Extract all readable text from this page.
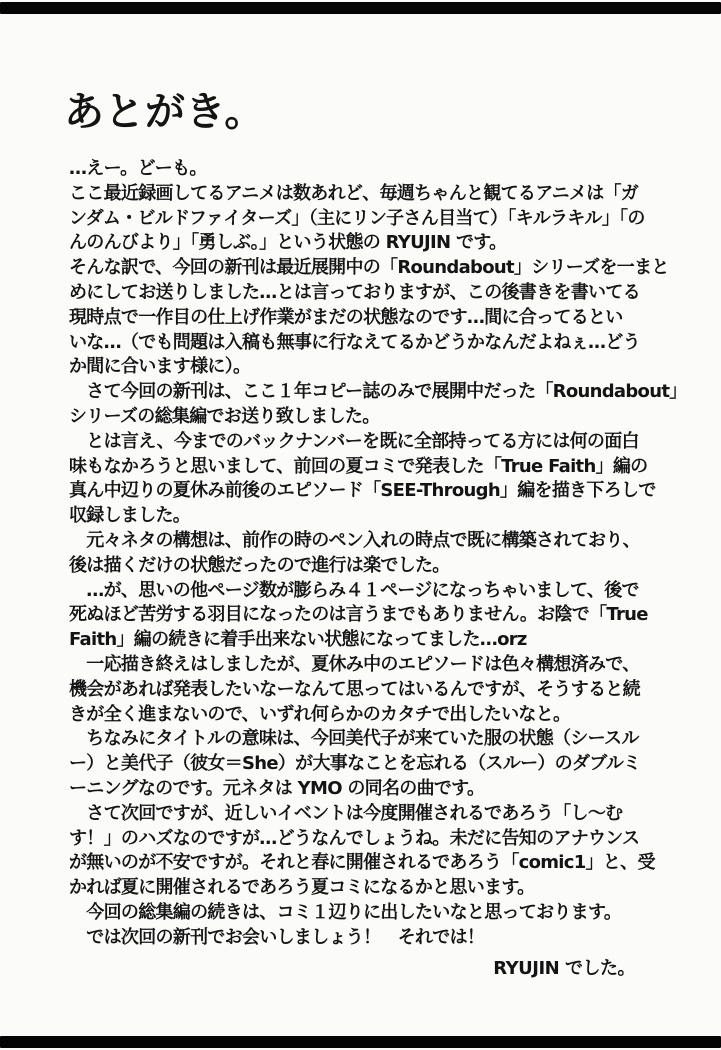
あとがき。
…えー。どーも。
ここ最近録画してるアニメは数あれど、毎週ちゃんと観てるアニメは「ガ
ンダム・ビルドファイターズ」（主にリン子さん目当て）「キルラキル」「の
んのんびより」「勇しぶ。」という状態の RYUJIN です。
そんな訳で、今回の新刊は最近展開中の「Roundabout」シリーズを一まと
めにしてお送りしました…とは言っておりますが、この後書きを書いてる
現時点で一作目の仕上げ作業がまだの状態なのです…間に合ってるとい
いな…（でも問題は入稿も無事に行なえてるかどうかなんだよねぇ…どう
か間に合います様に）。
　さて今回の新刊は、ここ１年コピー誌のみで展開中だった「Roundabout」
シリーズの総集編でお送り致しました。
　とは言え、今までのバックナンバーを既に全部持ってる方には何の面白
味もなかろうと思いまして、前回の夏コミで発表した「True Faith」編の
真ん中辺りの夏休み前後のエピソード「SEE-Through」編を描き下ろしで
収録しました。
　元々ネタの構想は、前作の時のペン入れの時点で既に構築されており、
後は描くだけの状態だったので進行は楽でした。
　…が、思いの他ページ数が膨らみ４１ページになっちゃいまして、後で
死ぬほど苦労する羽目になったのは言うまでもありません。お陰で「True
Faith」編の続きに着手出来ない状態になってました…orz
　一応描き終えはしましたが、夏休み中のエピソードは色々構想済みで、
機会があれば発表したいなーなんて思ってはいるんですが、そうすると続
きが全く進まないので、いずれ何らかのカタチで出したいなと。
　ちなみにタイトルの意味は、今回美代子が来ていた服の状態（シースル
ー）と美代子（彼女＝She）が大事なことを忘れる（スルー）のダブルミ
ーニングなのです。元ネタは YMO の同名の曲です。
　さて次回ですが、近しいイベントは今度開催されるであろう「し～む
す！」のハズなのですが…どうなんでしょうね。未だに告知のアナウンス
が無いのが不安ですが。それと春に開催されるであろう「comic1」と、受
かれば夏に開催されるであろう夏コミになるかと思います。
　今回の総集編の続きは、コミ１辺りに出したいなと思っております。
　では次回の新刊でお会いしましょう！　それでは！
RYUJIN でした。
